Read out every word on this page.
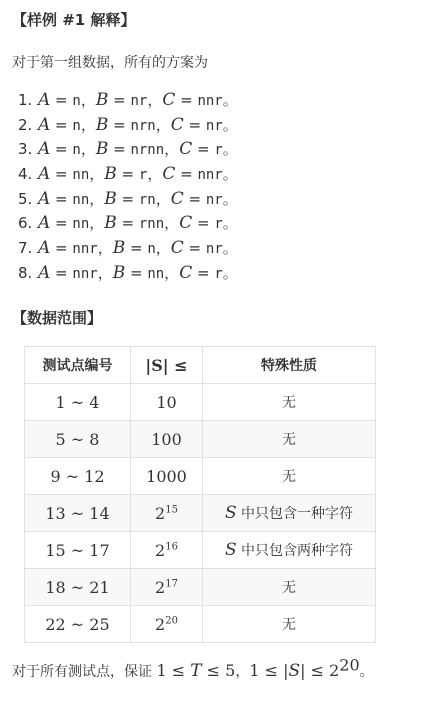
【样例 #1 解释】
对于第一组数据，所有的方案为
1. A = n，B = nr，C = nnr。
2. A = n，B = nrn，C = nr。
3. A = n，B = nrnn，C = r。
4. A = nn，B = r，C = nnr。
5. A = nn，B = rn，C = nr。
6. A = nn，B = rnn，C = r。
7. A = nnr，B = n，C = nr。
8. A = nnr，B = nn，C = r。
【数据范围】
测试点编号	|S| ≤	特殊性质
1 ~ 4	10	无
5 ~ 8	100	无
9 ~ 12	1000	无
13 ~ 14	$2^{15}$	S 中只包含一种字符
15 ~ 17	$2^{16}$	S 中只包含两种字符
18 ~ 21	$2^{17}$	无
22 ~ 25	$2^{20}$	无
对于所有测试点，保证 1 ≤ T ≤ 5，$1 \le |S| \le 2^{20}$。
